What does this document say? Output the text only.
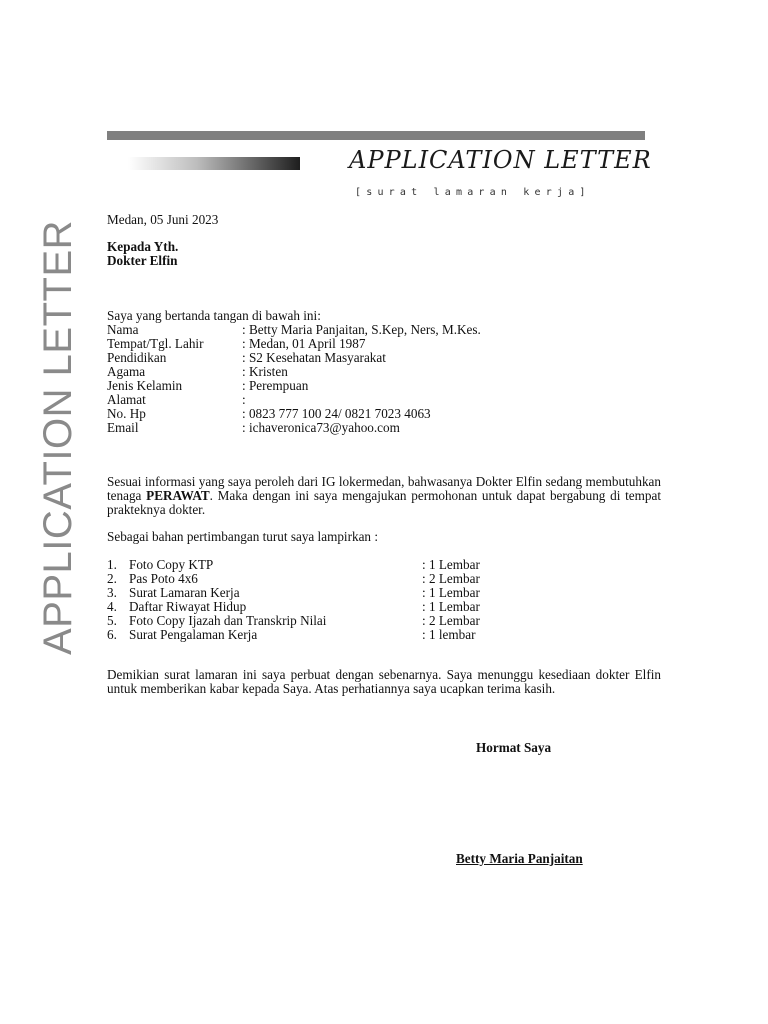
APPLICATION LETTER
[surat lamaran kerja]
APPLICATION LETTER
Medan, 05 Juni 2023
Kepada Yth.
Dokter Elfin
Saya yang bertanda tangan di bawah ini:
Nama	: Betty Maria Panjaitan, S.Kep, Ners, M.Kes.
Tempat/Tgl. Lahir	: Medan, 01 April 1987
Pendidikan	: S2 Kesehatan Masyarakat
Agama	: Kristen
Jenis Kelamin	: Perempuan
Alamat	:
No. Hp	: 0823 777 100 24/ 0821 7023 4063
Email	: ichaveronica73@yahoo.com
Sesuai informasi yang saya peroleh dari IG lokermedan, bahwasanya Dokter Elfin sedang membutuhkan tenaga PERAWAT. Maka dengan ini saya mengajukan permohonan untuk dapat bergabung di tempat prakteknya dokter.
Sebagai bahan pertimbangan turut saya lampirkan :
1. Foto Copy KTP	: 1 Lembar
2. Pas Poto 4x6	: 2 Lembar
3. Surat Lamaran Kerja	: 1 Lembar
4. Daftar Riwayat Hidup	: 1 Lembar
5. Foto Copy Ijazah dan Transkrip Nilai	: 2 Lembar
6. Surat Pengalaman Kerja	: 1 lembar
Demikian surat lamaran ini saya perbuat dengan sebenarnya. Saya menunggu kesediaan dokter Elfin untuk memberikan kabar kepada Saya. Atas perhatiannya saya ucapkan terima kasih.
Hormat Saya
Betty Maria Panjaitan
